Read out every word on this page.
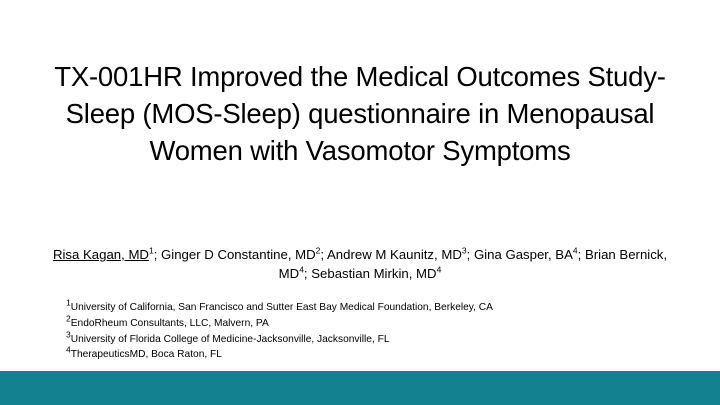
TX-001HR Improved the Medical Outcomes Study-Sleep (MOS-Sleep) questionnaire in Menopausal Women with Vasomotor Symptoms
Risa Kagan, $MD^1$; Ginger D Constantine, $MD^2$; Andrew M Kaunitz, $MD^3$; Gina Gasper, $BA^4$; Brian Bernick, $MD^4$; Sebastian Mirkin, $MD^4$
$^1$University of California, San Francisco and Sutter East Bay Medical Foundation, Berkeley, CA
$^2$EndoRheum Consultants, LLC, Malvern, PA
$^3$University of Florida College of Medicine-Jacksonville, Jacksonville, FL
$^4$TherapeuticsMD, Boca Raton, FL
